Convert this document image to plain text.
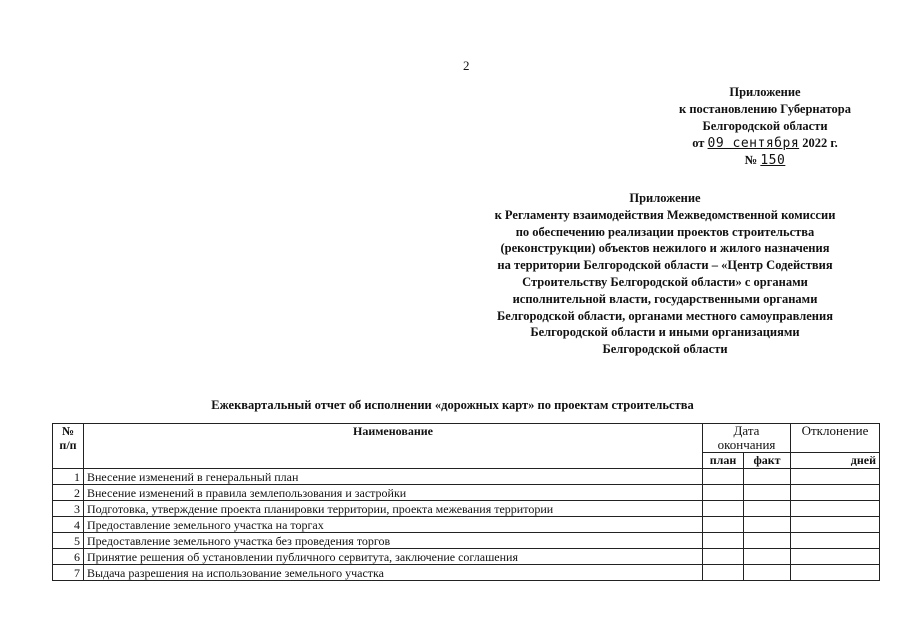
2
Приложение
к постановлению Губернатора
Белгородской области
от 09 сентября 2022 г.
№ 150
Приложение
к Регламенту взаимодействия Межведомственной комиссии
по обеспечению реализации проектов строительства
(реконструкции) объектов нежилого и жилого назначения
на территории Белгородской области – «Центр Содействия
Строительству Белгородской области» с органами
исполнительной власти, государственными органами
Белгородской области, органами местного самоуправления
Белгородской области и иными организациями
Белгородской области
Ежеквартальный отчет об исполнении «дорожных карт» по проектам строительства
№ п/п	Наименование	Дата окончания		Отклонение
		план	факт	дней
1	Внесение изменений в генеральный план			
2	Внесение изменений в правила землепользования и застройки			
3	Подготовка, утверждение проекта планировки территории, проекта межевания территории			
4	Предоставление земельного участка на торгах			
5	Предоставление земельного участка без проведения торгов			
6	Принятие решения об установлении публичного сервитута, заключение соглашения			
7	Выдача разрешения на использование земельного участка			
